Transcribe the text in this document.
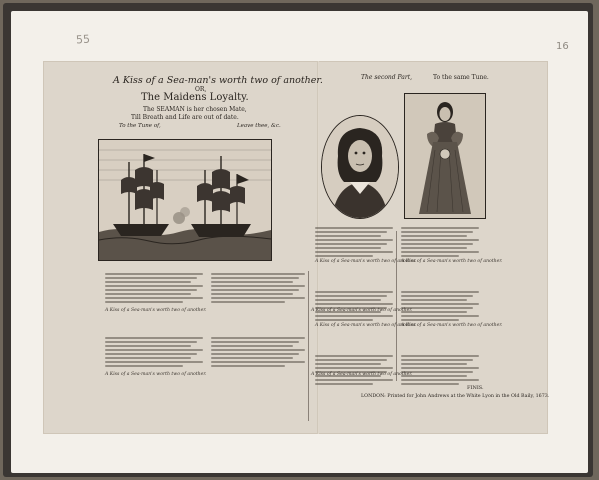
55
16
A Kiss of a Sea-man's worth two of another.
OR,
The Maidens Loyalty.
The SEAMAN is her chosen Mate,
Till Breath and Life are out of date.
To the Tune of,	Leave thee, &c.
The second Part,	To the same Tune.
A Kiss of a Sea-man's worth two of another.
A Kiss of a Sea-man's worth two of another.
A Kiss of a Sea-man's worth two of another.
A Kiss of a Sea-man's worth two of another.
A Kiss of a Sea-man's worth two of another.
A Kiss of a Sea-man's worth two of another.
A Kiss of a Sea-man's worth two of another.
A Kiss of a Sea-man's worth two of another.
FINIS.
LONDON: Printed for John Andrews at the White Lyon in the Old Baily, 1673.
